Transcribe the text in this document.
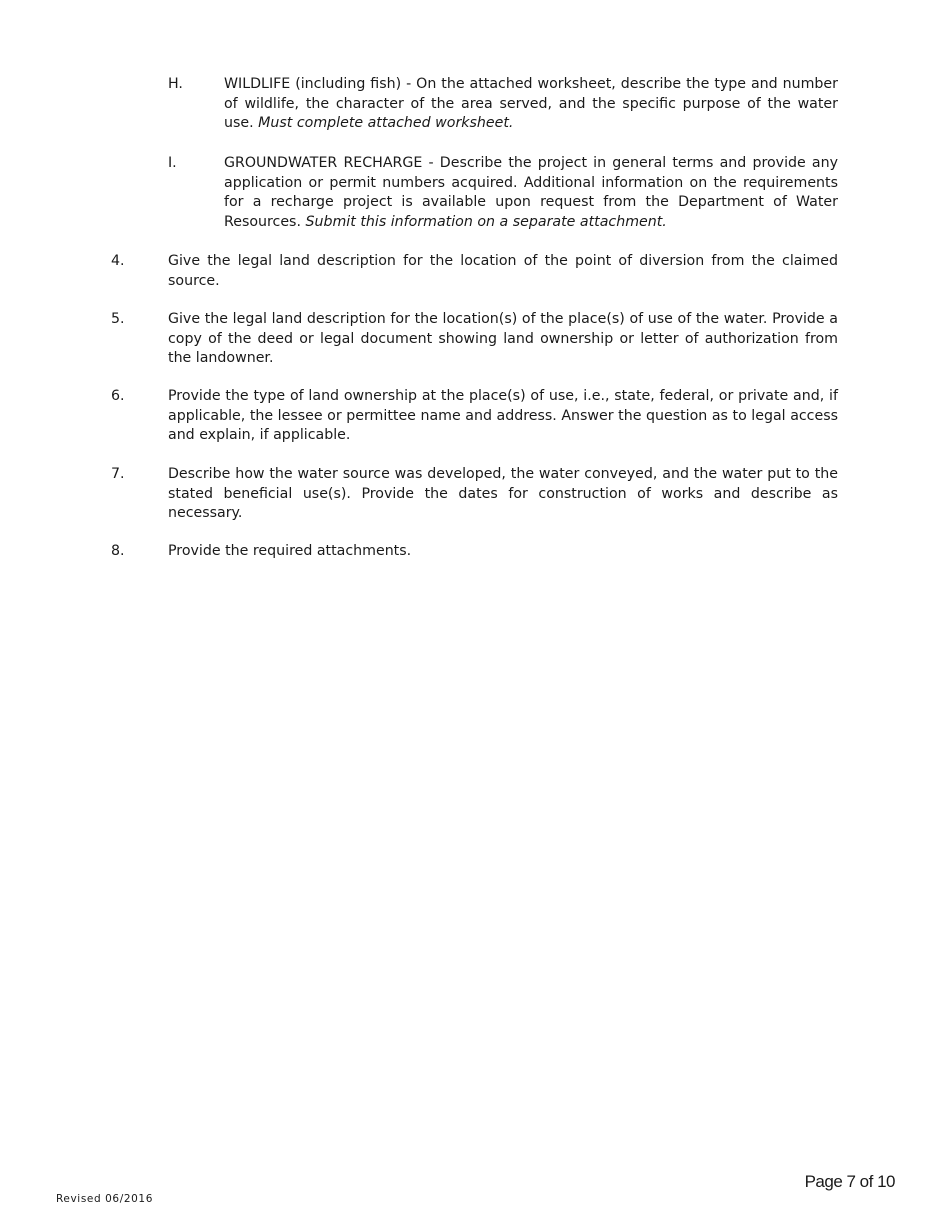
H.	WILDLIFE (including fish) - On the attached worksheet, describe the type and number of wildlife, the character of the area served, and the specific purpose of the water use. Must complete attached worksheet.
I.	GROUNDWATER RECHARGE - Describe the project in general terms and provide any application or permit numbers acquired. Additional information on the requirements for a recharge project is available upon request from the Department of Water Resources. Submit this information on a separate attachment.
4.	Give the legal land description for the location of the point of diversion from the claimed source.
5.	Give the legal land description for the location(s) of the place(s) of use of the water. Provide a copy of the deed or legal document showing land ownership or letter of authorization from the landowner.
6.	Provide the type of land ownership at the place(s) of use, i.e., state, federal, or private and, if applicable, the lessee or permittee name and address. Answer the question as to legal access and explain, if applicable.
7.	Describe how the water source was developed, the water conveyed, and the water put to the stated beneficial use(s). Provide the dates for construction of works and describe as necessary.
8.	Provide the required attachments.
Page 7 of 10
Revised 06/2016
